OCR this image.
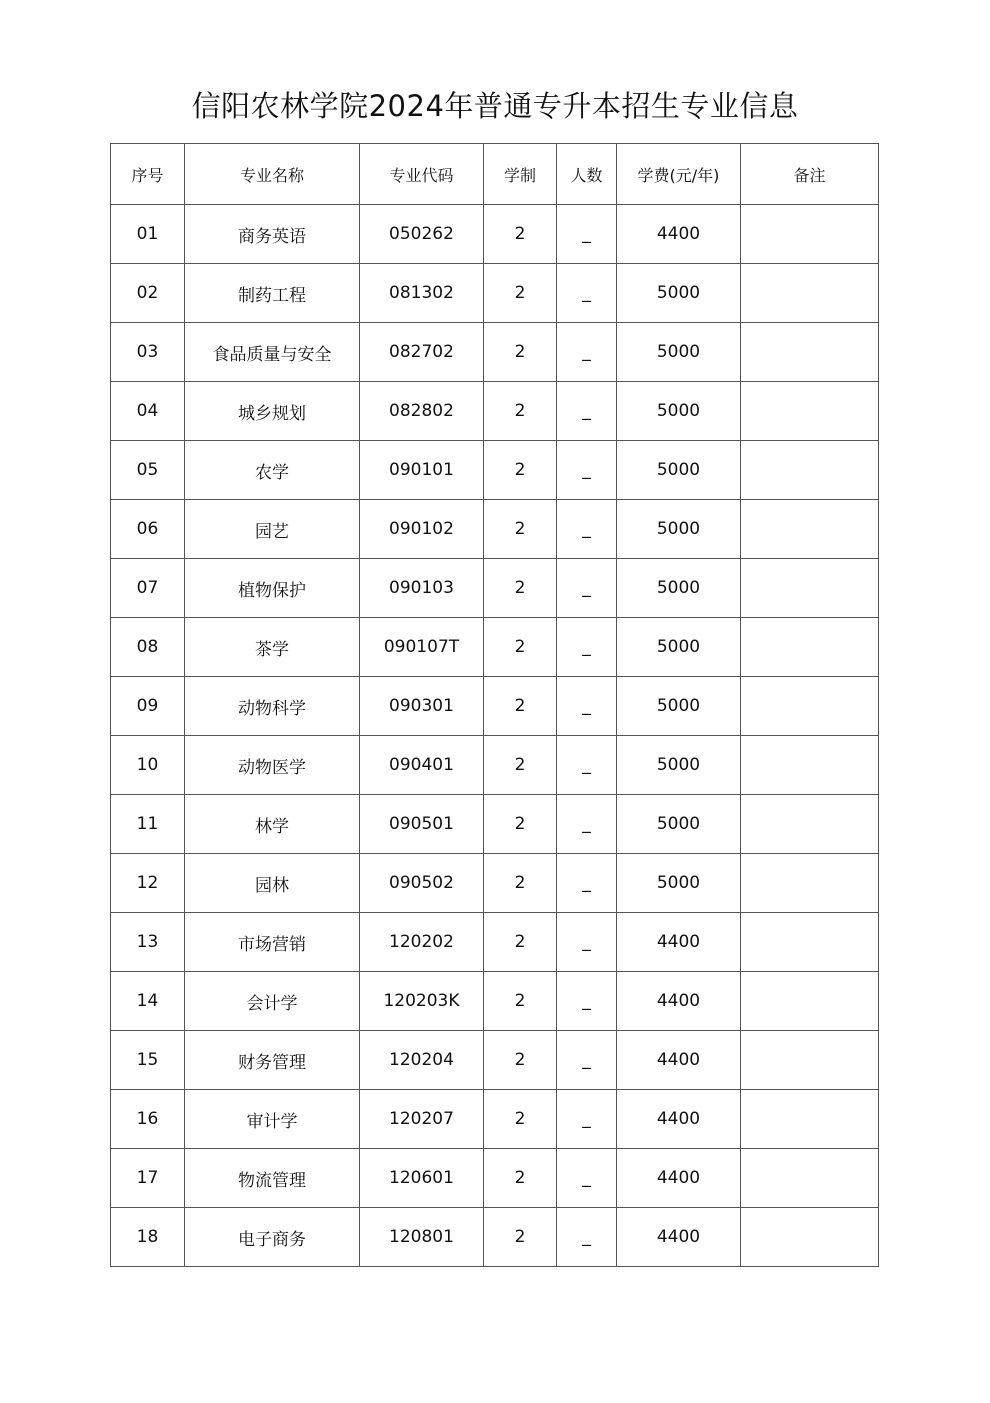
信阳农林学院2024年普通专升本招生专业信息
序号	专业名称	专业代码	学制	人数	学费(元/年)	备注
01	商务英语	050262	2	_	4400	
02	制药工程	081302	2	_	5000	
03	食品质量与安全	082702	2	_	5000	
04	城乡规划	082802	2	_	5000	
05	农学	090101	2	_	5000	
06	园艺	090102	2	_	5000	
07	植物保护	090103	2	_	5000	
08	茶学	090107T	2	_	5000	
09	动物科学	090301	2	_	5000	
10	动物医学	090401	2	_	5000	
11	林学	090501	2	_	5000	
12	园林	090502	2	_	5000	
13	市场营销	120202	2	_	4400	
14	会计学	120203K	2	_	4400	
15	财务管理	120204	2	_	4400	
16	审计学	120207	2	_	4400	
17	物流管理	120601	2	_	4400	
18	电子商务	120801	2	_	4400	
